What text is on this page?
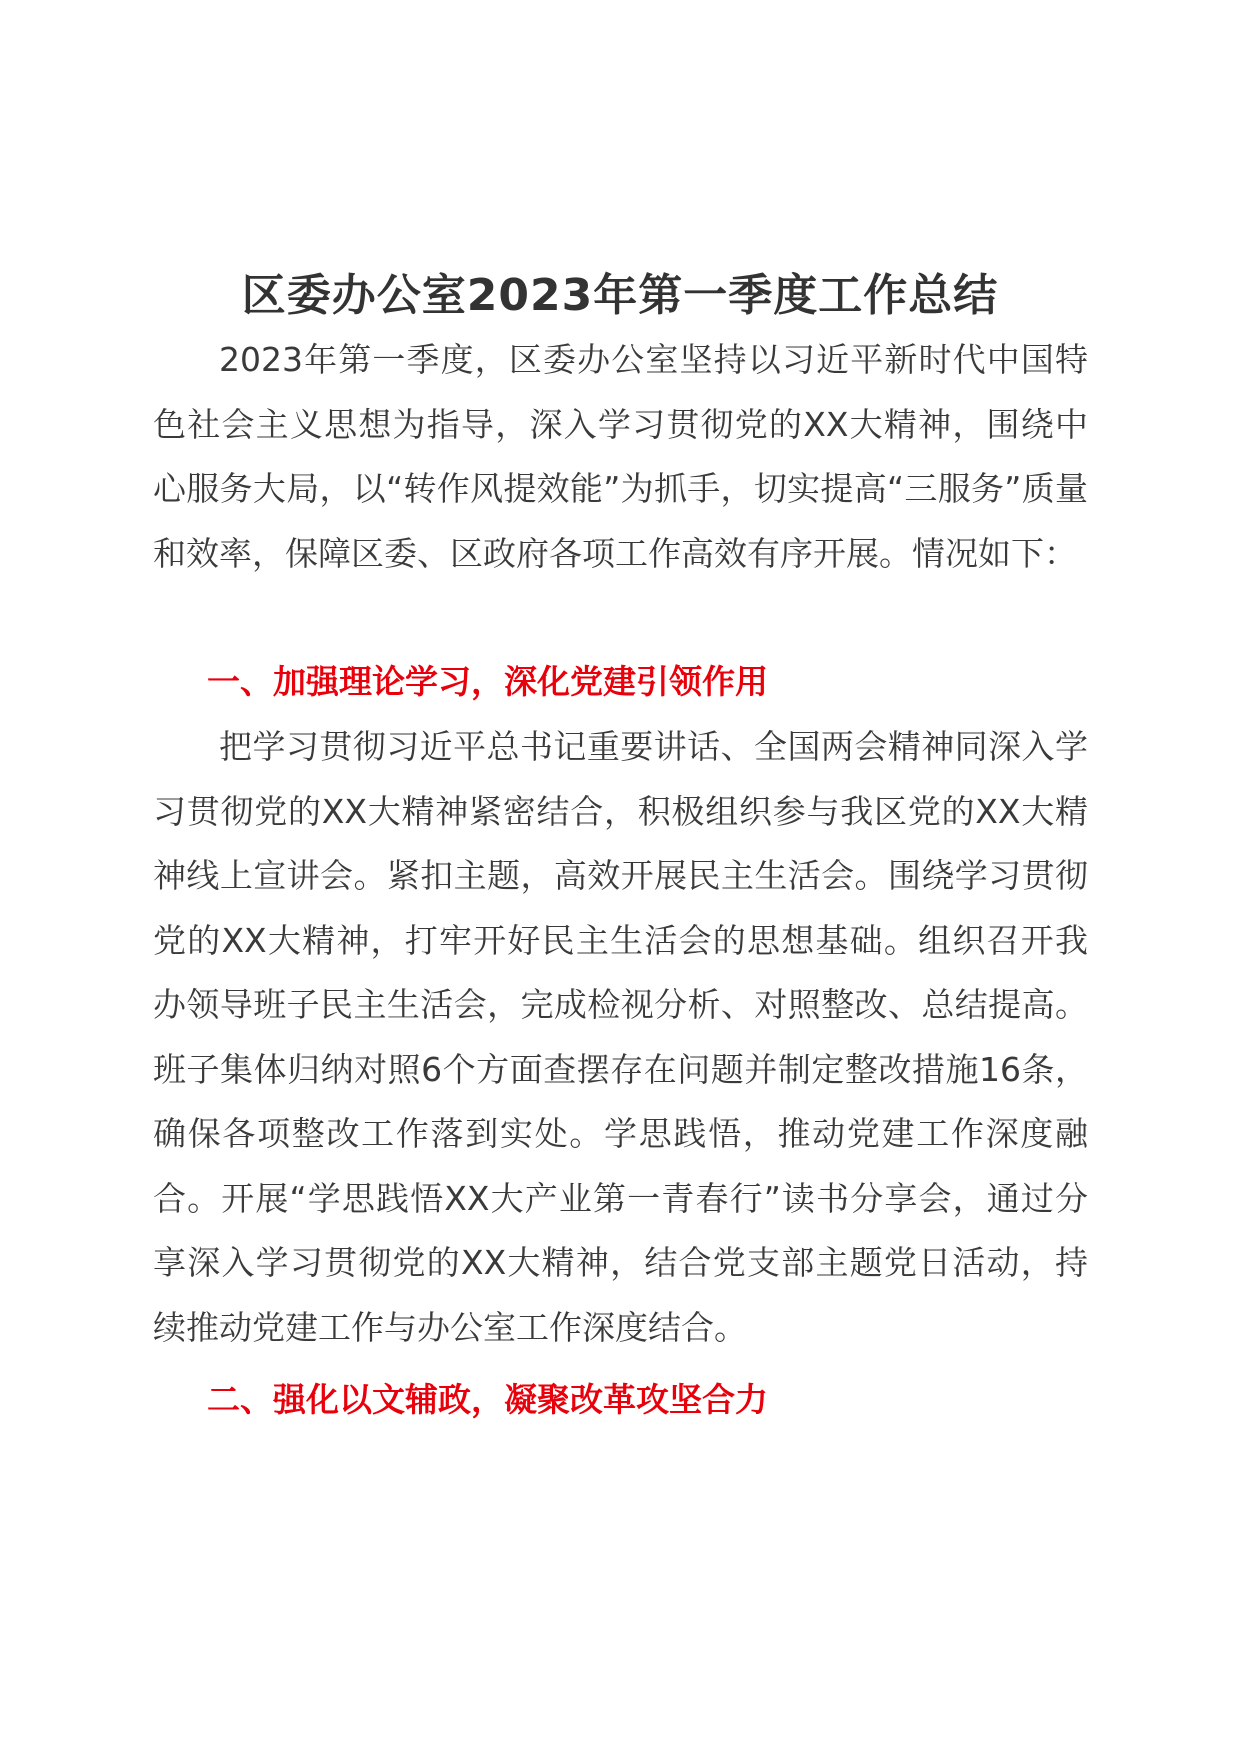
区委办公室2023年第一季度工作总结

2023年第一季度，区委办公室坚持以习近平新时代中国特色社会主义思想为指导，深入学习贯彻党的XX大精神，围绕中心服务大局，以“转作风提效能”为抓手，切实提高“三服务”质量和效率，保障区委、区政府各项工作高效有序开展。情况如下：

一、加强理论学习，深化党建引领作用

把学习贯彻习近平总书记重要讲话、全国两会精神同深入学习贯彻党的XX大精神紧密结合，积极组织参与我区党的XX大精神线上宣讲会。紧扣主题，高效开展民主生活会。围绕学习贯彻党的XX大精神，打牢开好民主生活会的思想基础。组织召开我办领导班子民主生活会，完成检视分析、对照整改、总结提高。班子集体归纳对照6个方面查摆存在问题并制定整改措施16条，确保各项整改工作落到实处。学思践悟，推动党建工作深度融合。开展“学思践悟XX大产业第一青春行”读书分享会，通过分享深入学习贯彻党的XX大精神，结合党支部主题党日活动，持续推动党建工作与办公室工作深度结合。

二、强化以文辅政，凝聚改革攻坚合力
